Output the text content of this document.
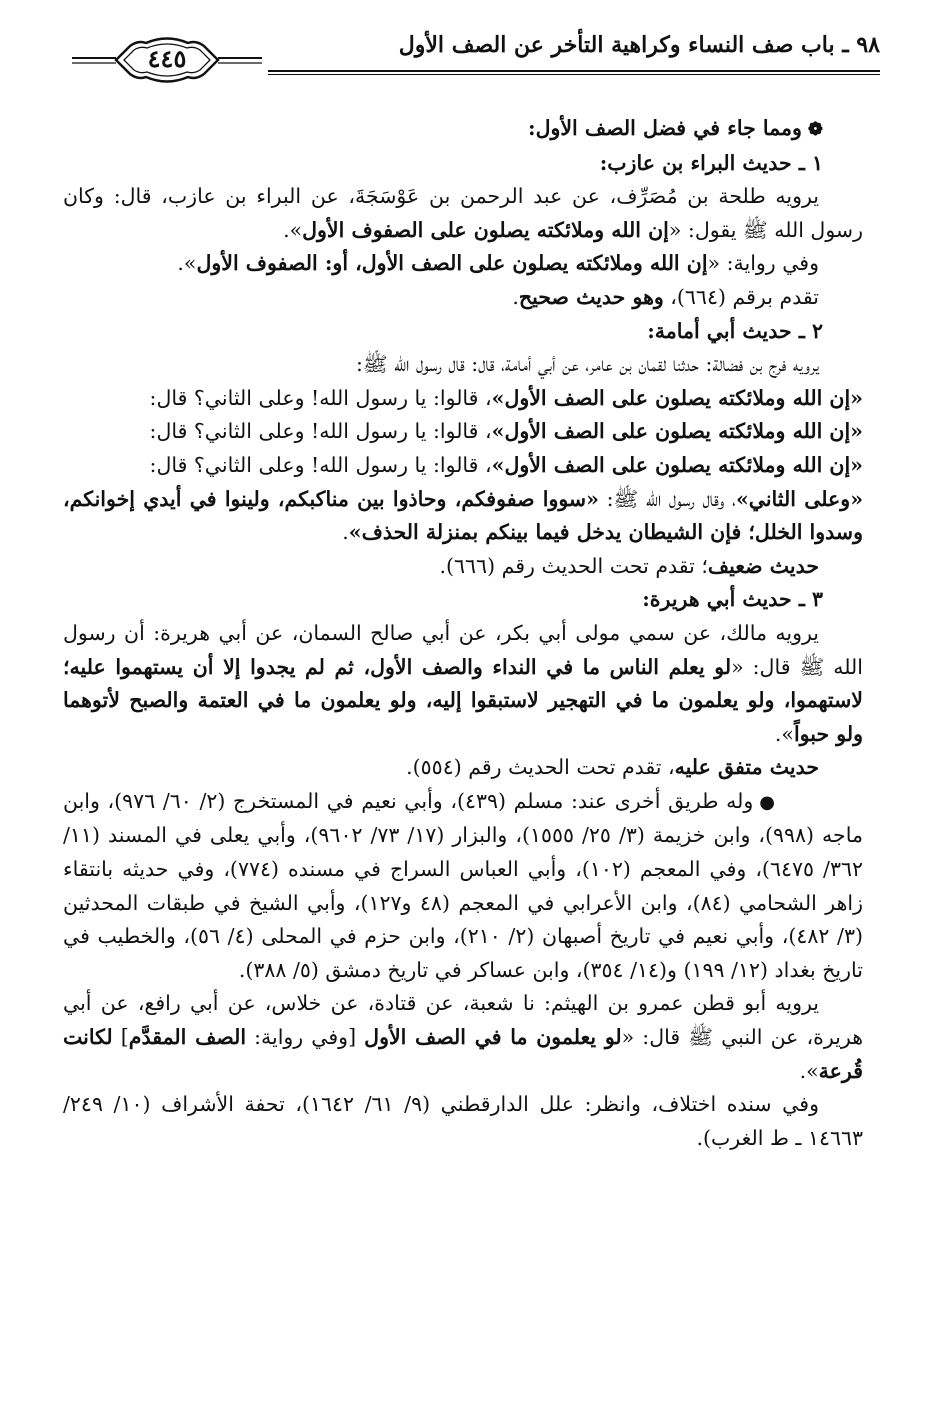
٩٨ ـ باب صف النساء وكراهية التأخر عن الصف الأول
٤٤٥

❁ومما جاء في فضل الصف الأول:

١ ـ حديث البراء بن عازب:

يرويه طلحة بن مُصَرِّف، عن عبد الرحمن بن عَوْسَجَةَ، عن البراء بن عازب، قال: وكان رسول الله ﷺ يقول: «إن الله وملائكته يصلون على الصفوف الأول».

وفي رواية: «إن الله وملائكته يصلون على الصف الأول، أو: الصفوف الأول».

تقدم برقم (٦٦٤)، وهو حديث صحيح.

٢ ـ حديث أبي أمامة:

يرويه فرج بن فضالة: حدثنا لقمان بن عامر، عن أبي أمامة، قال: قال رسول الله ﷺ:

«إن الله وملائكته يصلون على الصف الأول»، قالوا: يا رسول الله! وعلى الثاني؟ قال:

«إن الله وملائكته يصلون على الصف الأول»، قالوا: يا رسول الله! وعلى الثاني؟ قال:

«إن الله وملائكته يصلون على الصف الأول»، قالوا: يا رسول الله! وعلى الثاني؟ قال:

«وعلى الثاني»، وقال رسول الله ﷺ: «سووا صفوفكم، وحاذوا بين مناكبكم، ولينوا في أيدي إخوانكم، وسدوا الخلل؛ فإن الشيطان يدخل فيما بينكم بمنزلة الحذف».

حديث ضعيف؛ تقدم تحت الحديث رقم (٦٦٦).

٣ ـ حديث أبي هريرة:

يرويه مالك، عن سمي مولى أبي بكر، عن أبي صالح السمان، عن أبي هريرة: أن رسول الله ﷺ قال: «لو يعلم الناس ما في النداء والصف الأول، ثم لم يجدوا إلا أن يستهموا عليه؛ لاستهموا، ولو يعلمون ما في التهجير لاستبقوا إليه، ولو يعلمون ما في العتمة والصبح لأتوهما ولو حبواً».

حديث متفق عليه، تقدم تحت الحديث رقم (٥٥٤).

●وله طريق أخرى عند: مسلم (٤٣٩)، وأبي نعيم في المستخرج (٢/ ٦٠/ ٩٧٦)، وابن ماجه (٩٩٨)، وابن خزيمة (٣/ ٢٥/ ١٥٥٥)، والبزار (١٧/ ٧٣/ ٩٦٠٢)، وأبي يعلى في المسند (١١/ ٣٦٢/ ٦٤٧٥)، وفي المعجم (١٠٢)، وأبي العباس السراج في مسنده (٧٧٤)، وفي حديثه بانتقاء زاهر الشحامي (٨٤)، وابن الأعرابي في المعجم (٤٨ و١٢٧)، وأبي الشيخ في طبقات المحدثين (٣/ ٤٨٢)، وأبي نعيم في تاريخ أصبهان (٢/ ٢١٠)، وابن حزم في المحلى (٤/ ٥٦)، والخطيب في تاريخ بغداد (١٢/ ١٩٩) و(١٤/ ٣٥٤)، وابن عساكر في تاريخ دمشق (٥/ ٣٨٨).

يرويه أبو قطن عمرو بن الهيثم: نا شعبة، عن قتادة، عن خلاس، عن أبي رافع، عن أبي هريرة، عن النبي ﷺ قال: «لو يعلمون ما في الصف الأول [وفي رواية: الصف المقدَّم] لكانت قُرعة».

وفي سنده اختلاف، وانظر: علل الدارقطني (٩/ ٦١/ ١٦٤٢)، تحفة الأشراف (١٠/ ٢٤٩/ ١٤٦٦٣ ـ ط الغرب).
